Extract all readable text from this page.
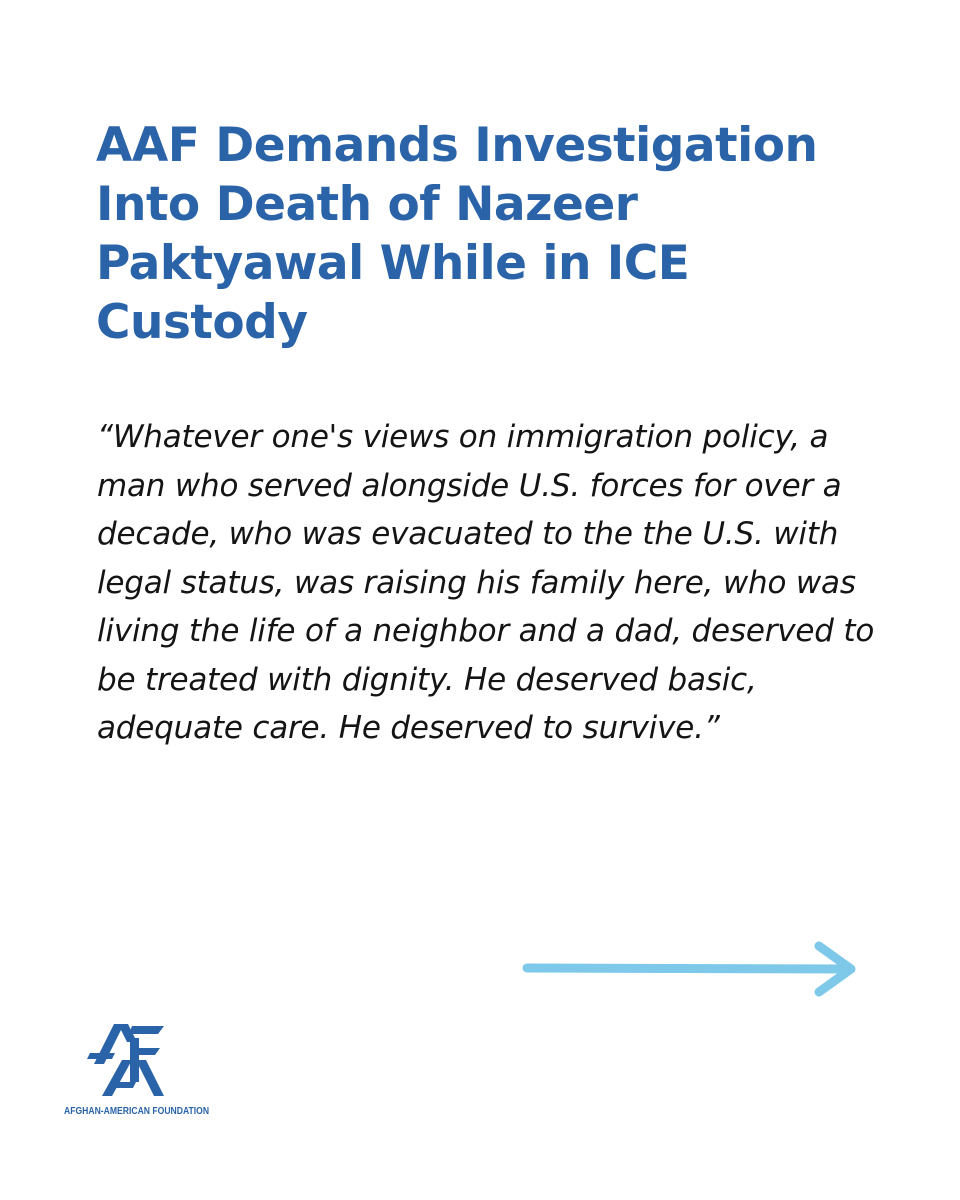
AAF Demands Investigation Into Death of Nazeer Paktyawal While in ICE Custody

“Whatever one's views on immigration policy, a man who served alongside U.S. forces for over a decade, who was evacuated to the the U.S. with legal status, was raising his family here, who was living the life of a neighbor and a dad, deserved to be treated with dignity. He deserved basic, adequate care. He deserved to survive.”

AFGHAN-AMERICAN FOUNDATION
